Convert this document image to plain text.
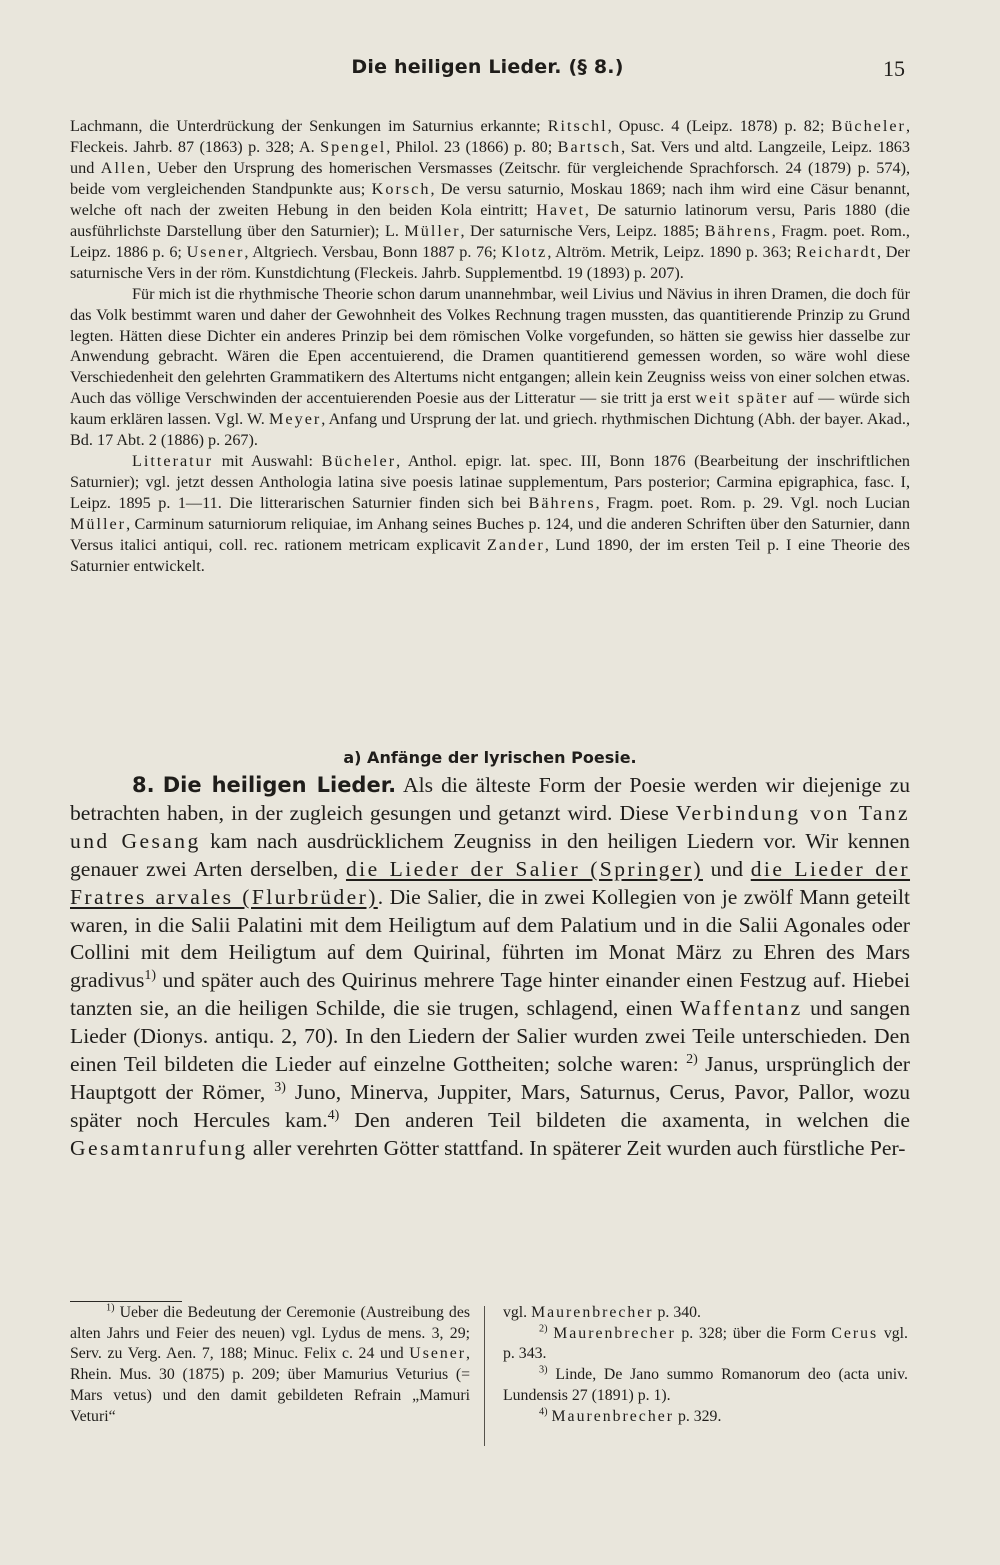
Die heiligen Lieder. (§ 8.)	15

Lachmann, die Unterdrückung der Senkungen im Saturnius erkannte; Ritschl, Opusc. 4 (Leipz. 1878) p. 82; Bücheler, Fleckeis. Jahrb. 87 (1863) p. 328; A. Spengel, Philol. 23 (1866) p. 80; Bartsch, Sat. Vers und altd. Langzeile, Leipz. 1863 und Allen, Ueber den Ursprung des homerischen Versmasses (Zeitschr. für vergleichende Sprachforsch. 24 (1879) p. 574), beide vom vergleichenden Standpunkte aus; Korsch, De versu saturnio, Moskau 1869; nach ihm wird eine Cäsur benannt, welche oft nach der zweiten Hebung in den beiden Kola eintritt; Havet, De saturnio latinorum versu, Paris 1880 (die ausführlichste Darstellung über den Saturnier); L. Müller, Der saturnische Vers, Leipz. 1885; Bährens, Fragm. poet. Rom., Leipz. 1886 p. 6; Usener, Altgriech. Versbau, Bonn 1887 p. 76; Klotz, Altröm. Metrik, Leipz. 1890 p. 363; Reichardt, Der saturnische Vers in der röm. Kunstdichtung (Fleckeis. Jahrb. Supplementbd. 19 (1893) p. 207).

Für mich ist die rhythmische Theorie schon darum unannehmbar, weil Livius und Nävius in ihren Dramen, die doch für das Volk bestimmt waren und daher der Gewohnheit des Volkes Rechnung tragen mussten, das quantitierende Prinzip zu Grund legten. Hätten diese Dichter ein anderes Prinzip bei dem römischen Volke vorgefunden, so hätten sie gewiss hier dasselbe zur Anwendung gebracht. Wären die Epen accentuierend, die Dramen quantitierend gemessen worden, so wäre wohl diese Verschiedenheit den gelehrten Grammatikern des Altertums nicht entgangen; allein kein Zeugniss weiss von einer solchen etwas. Auch das völlige Verschwinden der accentuierenden Poesie aus der Litteratur — sie tritt ja erst weit später auf — würde sich kaum erklären lassen. Vgl. W. Meyer, Anfang und Ursprung der lat. und griech. rhythmischen Dichtung (Abh. der bayer. Akad., Bd. 17 Abt. 2 (1886) p. 267).

Litteratur mit Auswahl: Bücheler, Anthol. epigr. lat. spec. III, Bonn 1876 (Bearbeitung der inschriftlichen Saturnier); vgl. jetzt dessen Anthologia latina sive poesis latinae supplementum, Pars posterior; Carmina epigraphica, fasc. I, Leipz. 1895 p. 1—11. Die litterarischen Saturnier finden sich bei Bährens, Fragm. poet. Rom. p. 29. Vgl. noch Lucian Müller, Carminum saturniorum reliquiae, im Anhang seines Buches p. 124, und die anderen Schriften über den Saturnier, dann Versus italici antiqui, coll. rec. rationem metricam explicavit Zander, Lund 1890, der im ersten Teil p. I eine Theorie des Saturnier entwickelt.

a) Anfänge der lyrischen Poesie.

8. Die heiligen Lieder. Als die älteste Form der Poesie werden wir diejenige zu betrachten haben, in der zugleich gesungen und getanzt wird. Diese Verbindung von Tanz und Gesang kam nach ausdrücklichem Zeugniss in den heiligen Liedern vor. Wir kennen genauer zwei Arten derselben, die Lieder der Salier (Springer) und die Lieder der Fratres arvales (Flurbrüder). Die Salier, die in zwei Kollegien von je zwölf Mann geteilt waren, in die Salii Palatini mit dem Heiligtum auf dem Palatium und in die Salii Agonales oder Collini mit dem Heiligtum auf dem Quirinal, führten im Monat März zu Ehren des Mars gradivus$^{1)}$ und später auch des Quirinus mehrere Tage hinter einander einen Festzug auf. Hiebei tanzten sie, an die heiligen Schilde, die sie trugen, schlagend, einen Waffentanz und sangen Lieder (Dionys. antiqu. 2, 70). In den Liedern der Salier wurden zwei Teile unterschieden. Den einen Teil bildeten die Lieder auf einzelne Gottheiten; solche waren: $^{2)}$ Janus, ursprünglich der Hauptgott der Römer, $^{3)}$ Juno, Minerva, Juppiter, Mars, Saturnus, Cerus, Pavor, Pallor, wozu später noch Hercules kam.$^{4)}$ Den anderen Teil bildeten die axamenta, in welchen die Gesamtanrufung aller verehrten Götter stattfand. In späterer Zeit wurden auch fürstliche Per-

$^{1)}$ Ueber die Bedeutung der Ceremonie (Austreibung des alten Jahrs und Feier des neuen) vgl. Lydus de mens. 3, 29; Serv. zu Verg. Aen. 7, 188; Minuc. Felix c. 24 und Usener, Rhein. Mus. 30 (1875) p. 209; über Mamurius Veturius (= Mars vetus) und den damit gebildeten Refrain „Mamuri Veturi“

vgl. Maurenbrecher p. 340.

$^{2)}$ Maurenbrecher p. 328; über die Form Cerus vgl. p. 343.

$^{3)}$ Linde, De Jano summo Romanorum deo (acta univ. Lundensis 27 (1891) p. 1).

$^{4)}$ Maurenbrecher p. 329.
